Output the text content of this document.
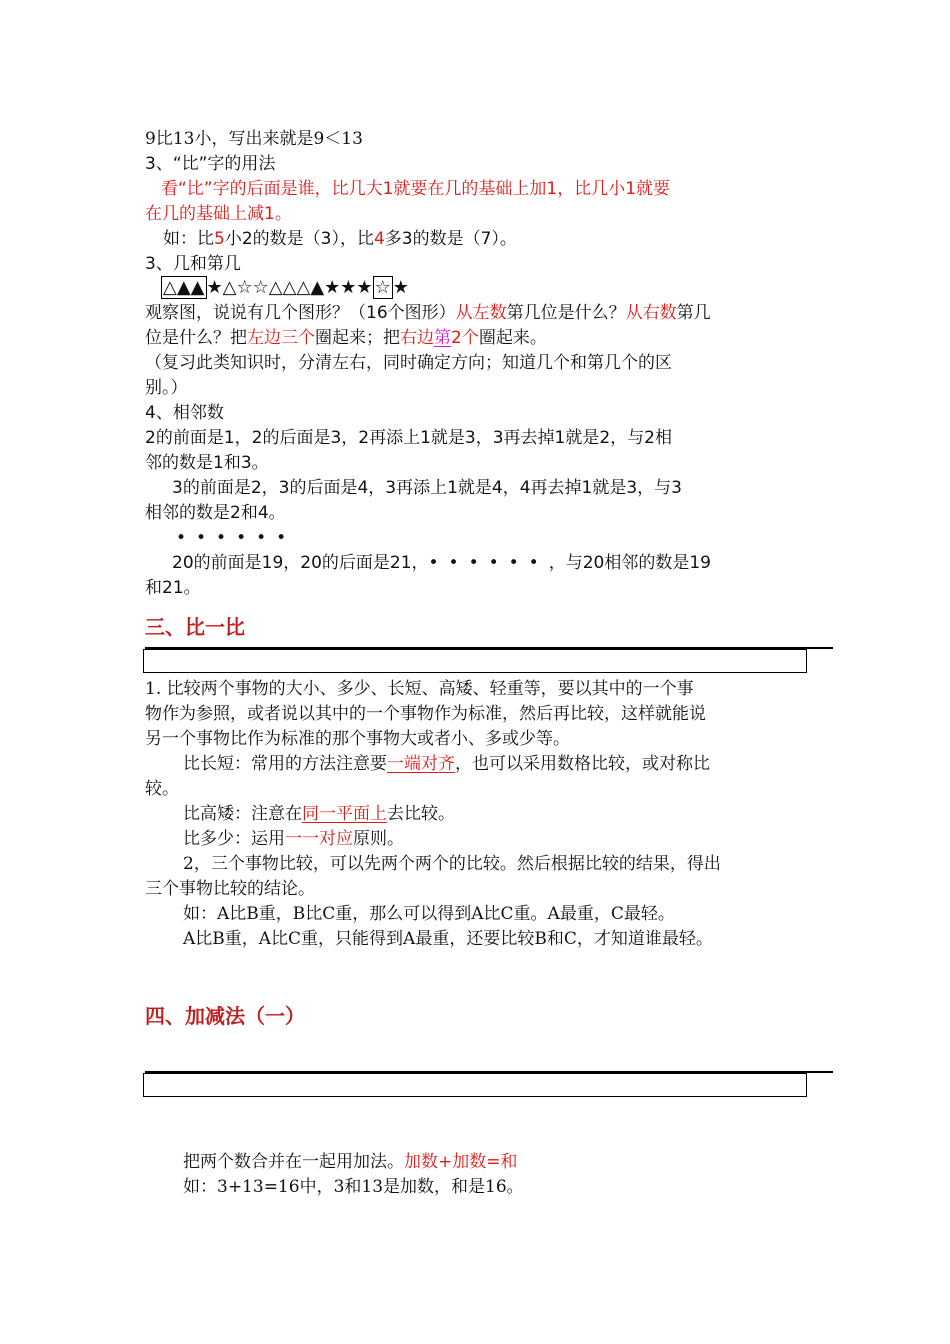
9比13小，写出来就是9＜13
3、“比”字的用法
看“比”字的后面是谁，比几大1就要在几的基础上加1，比几小1就要
在几的基础上减1。
如：比5小2的数是（3），比4多3的数是（7）。
3、几和第几
△▲▲ ★△☆☆△△△▲★★★ ☆ ★
观察图，说说有几个图形？（16个图形）从左数第几位是什么？从右数第几
位是什么？把左边三个圈起来；把右边第2个圈起来。
（复习此类知识时，分清左右，同时确定方向；知道几个和第几个的区
别。）
4、相邻数
2的前面是1，2的后面是3，2再添上1就是3，3再去掉1就是2，与2相
邻的数是1和3。
3的前面是2，3的后面是4，3再添上1就是4，4再去掉1就是3，与3
相邻的数是2和4。
••••••
20的前面是19，20的后面是21，••••••，与20相邻的数是19
和21。
三、比一比
1. 比较两个事物的大小、多少、长短、高矮、轻重等，要以其中的一个事
物作为参照，或者说以其中的一个事物作为标准，然后再比较，这样就能说
另一个事物比作为标准的那个事物大或者小、多或少等。
比长短：常用的方法注意要一端对齐，也可以采用数格比较，或对称比
较。
比高矮：注意在同一平面上去比较。
比多少：运用一一对应原则。
2，三个事物比较，可以先两个两个的比较。然后根据比较的结果，得出
三个事物比较的结论。
如：A比B重，B比C重，那么可以得到A比C重。A最重，C最轻。
A比B重，A比C重，只能得到A最重，还要比较B和C，才知道谁最轻。
四、加减法（一）
把两个数合并在一起用加法。加数+加数=和
如：3+13=16中，3和13是加数，和是16。
